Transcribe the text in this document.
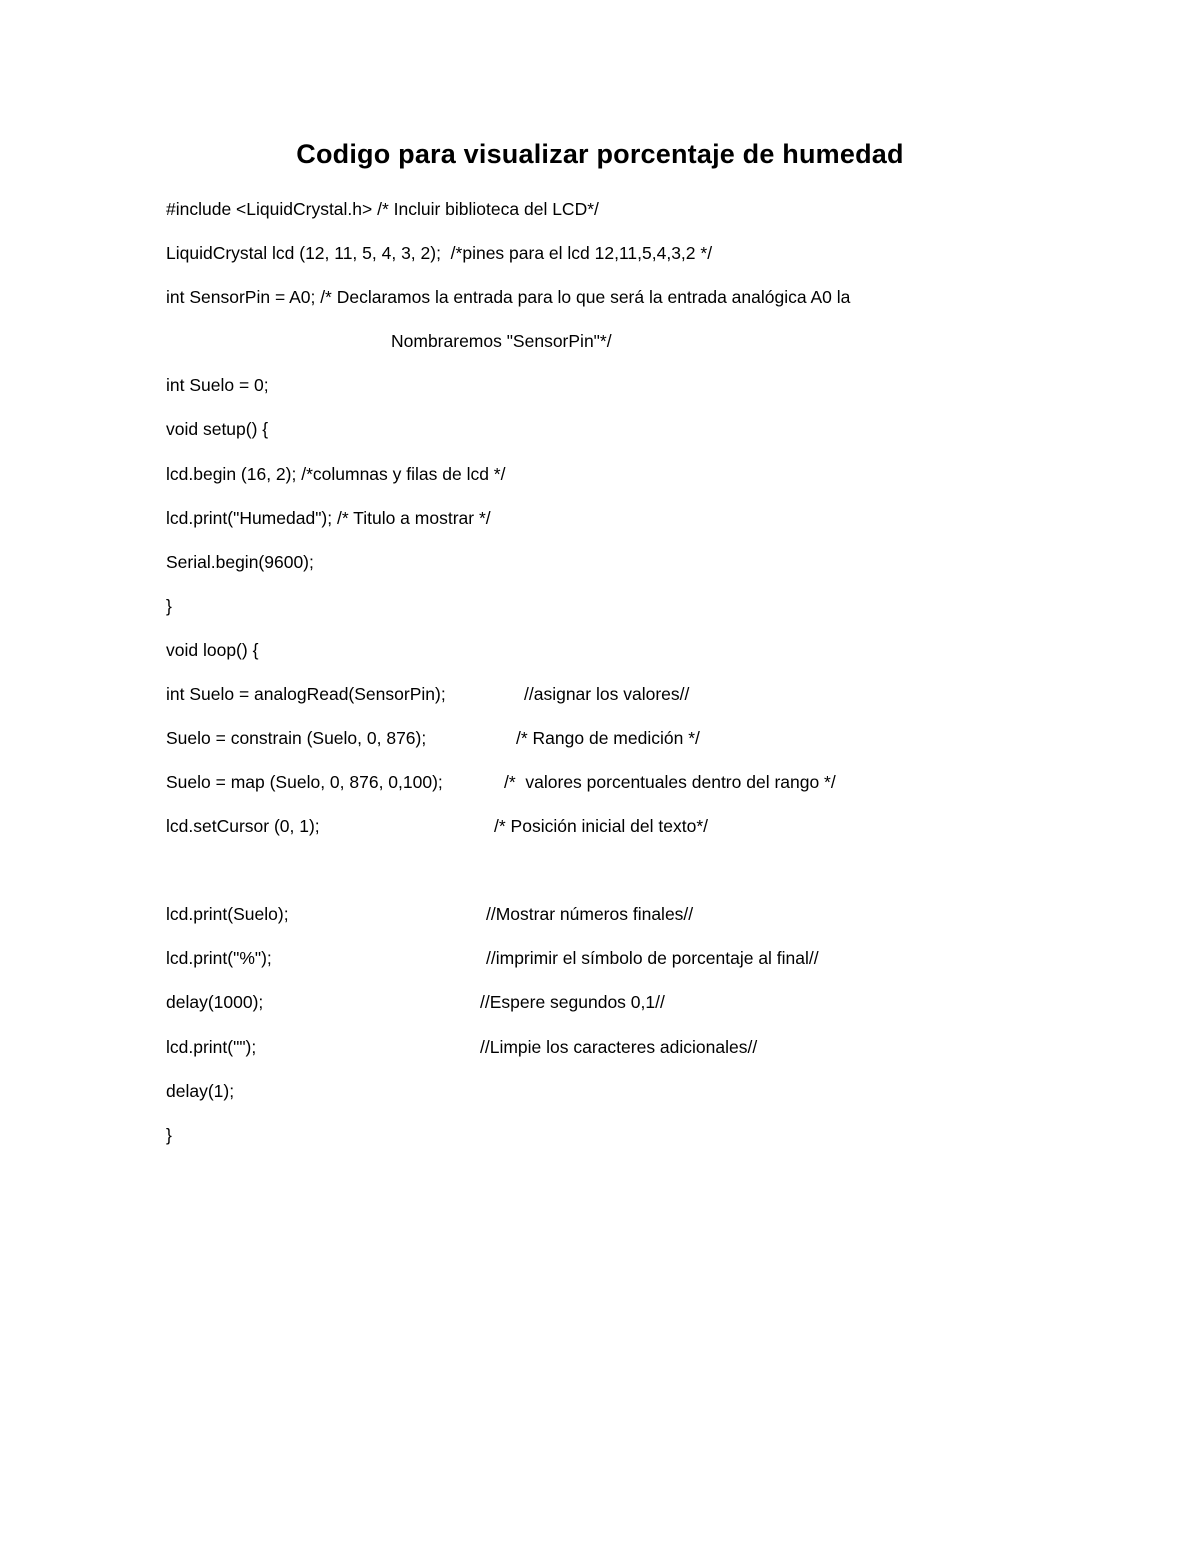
Codigo para visualizar porcentaje de humedad
#include <LiquidCrystal.h> /* Incluir biblioteca del LCD*/
LiquidCrystal lcd (12, 11, 5, 4, 3, 2);  /*pines para el lcd 12,11,5,4,3,2 */
int SensorPin = A0; /* Declaramos la entrada para lo que será la entrada analógica A0 la
Nombraremos "SensorPin"*/
int Suelo = 0;
void setup() {
lcd.begin (16, 2); /*columnas y filas de lcd */
lcd.print("Humedad"); /* Titulo a mostrar */
Serial.begin(9600);
}
void loop() {
int Suelo = analogRead(SensorPin);	//asignar los valores//
Suelo = constrain (Suelo, 0, 876);	/* Rango de medición */
Suelo = map (Suelo, 0, 876, 0,100);	/*  valores porcentuales dentro del rango */
lcd.setCursor (0, 1);	/* Posición inicial del texto*/
lcd.print(Suelo);	//Mostrar números finales//
lcd.print("%");	//imprimir el símbolo de porcentaje al final//
delay(1000);	//Espere segundos 0,1//
lcd.print("");	//Limpie los caracteres adicionales//
delay(1);
}
